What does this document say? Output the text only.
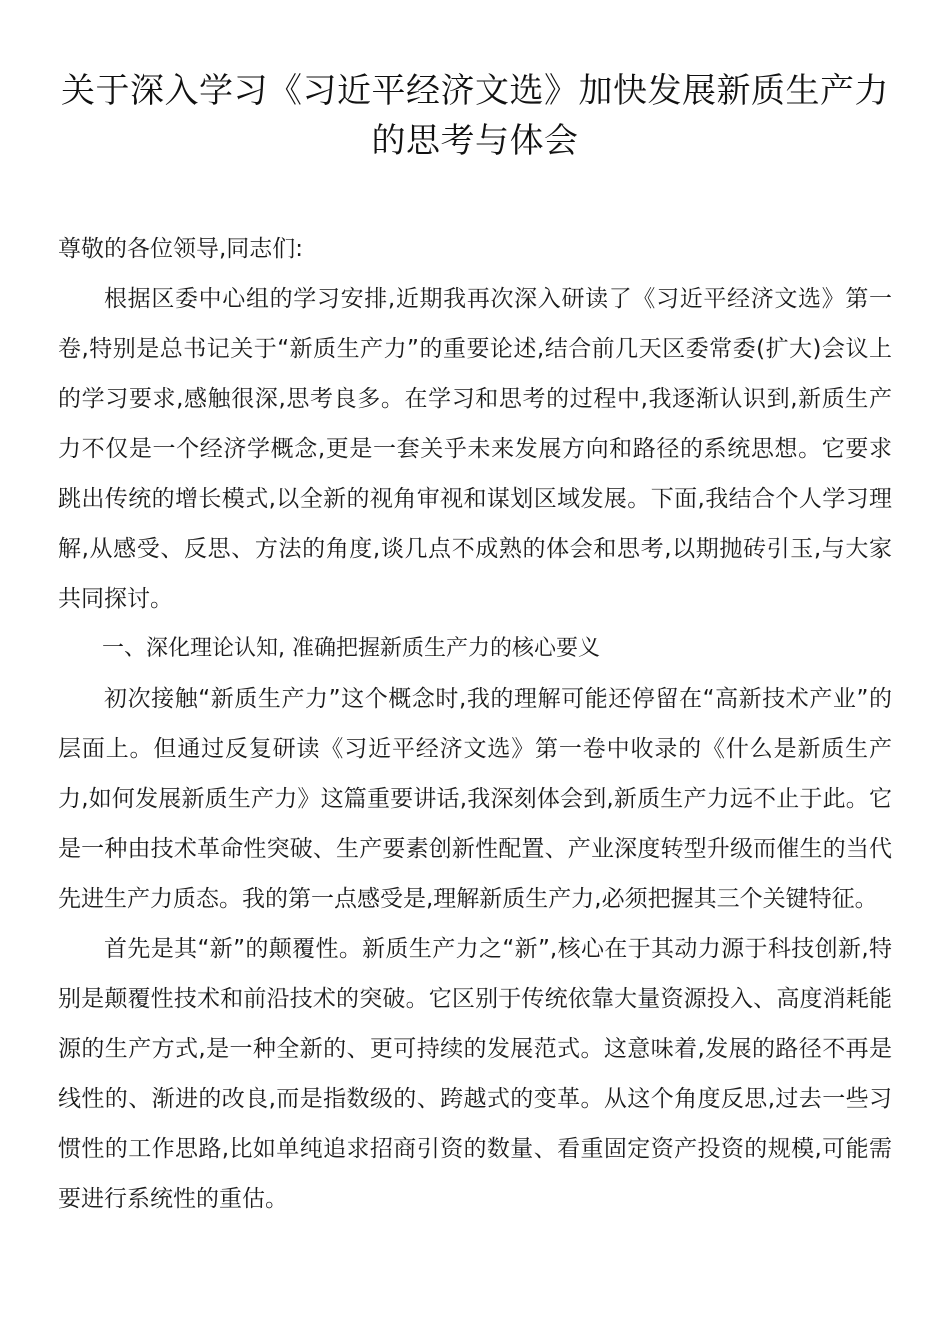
关于深入学习《习近平经济文选》加快发展新质生产力的思考与体会

尊敬的各位领导,同志们:

根据区委中心组的学习安排,近期我再次深入研读了《习近平经济文选》第一卷,特别是总书记关于“新质生产力”的重要论述,结合前几天区委常委(扩大)会议上的学习要求,感触很深,思考良多。在学习和思考的过程中,我逐渐认识到,新质生产力不仅是一个经济学概念,更是一套关乎未来发展方向和路径的系统思想。它要求跳出传统的增长模式,以全新的视角审视和谋划区域发展。下面,我结合个人学习理解,从感受、反思、方法的角度,谈几点不成熟的体会和思考,以期抛砖引玉,与大家共同探讨。

一、深化理论认知, 准确把握新质生产力的核心要义

初次接触“新质生产力”这个概念时,我的理解可能还停留在“高新技术产业”的层面上。但通过反复研读《习近平经济文选》第一卷中收录的《什么是新质生产力,如何发展新质生产力》这篇重要讲话,我深刻体会到,新质生产力远不止于此。它是一种由技术革命性突破、生产要素创新性配置、产业深度转型升级而催生的当代先进生产力质态。我的第一点感受是,理解新质生产力,必须把握其三个关键特征。

首先是其“新”的颠覆性。新质生产力之“新”,核心在于其动力源于科技创新,特别是颠覆性技术和前沿技术的突破。它区别于传统依靠大量资源投入、高度消耗能源的生产方式,是一种全新的、更可持续的发展范式。这意味着,发展的路径不再是线性的、渐进的改良,而是指数级的、跨越式的变革。从这个角度反思,过去一些习惯性的工作思路,比如单纯追求招商引资的数量、看重固定资产投资的规模,可能需要进行系统性的重估。
